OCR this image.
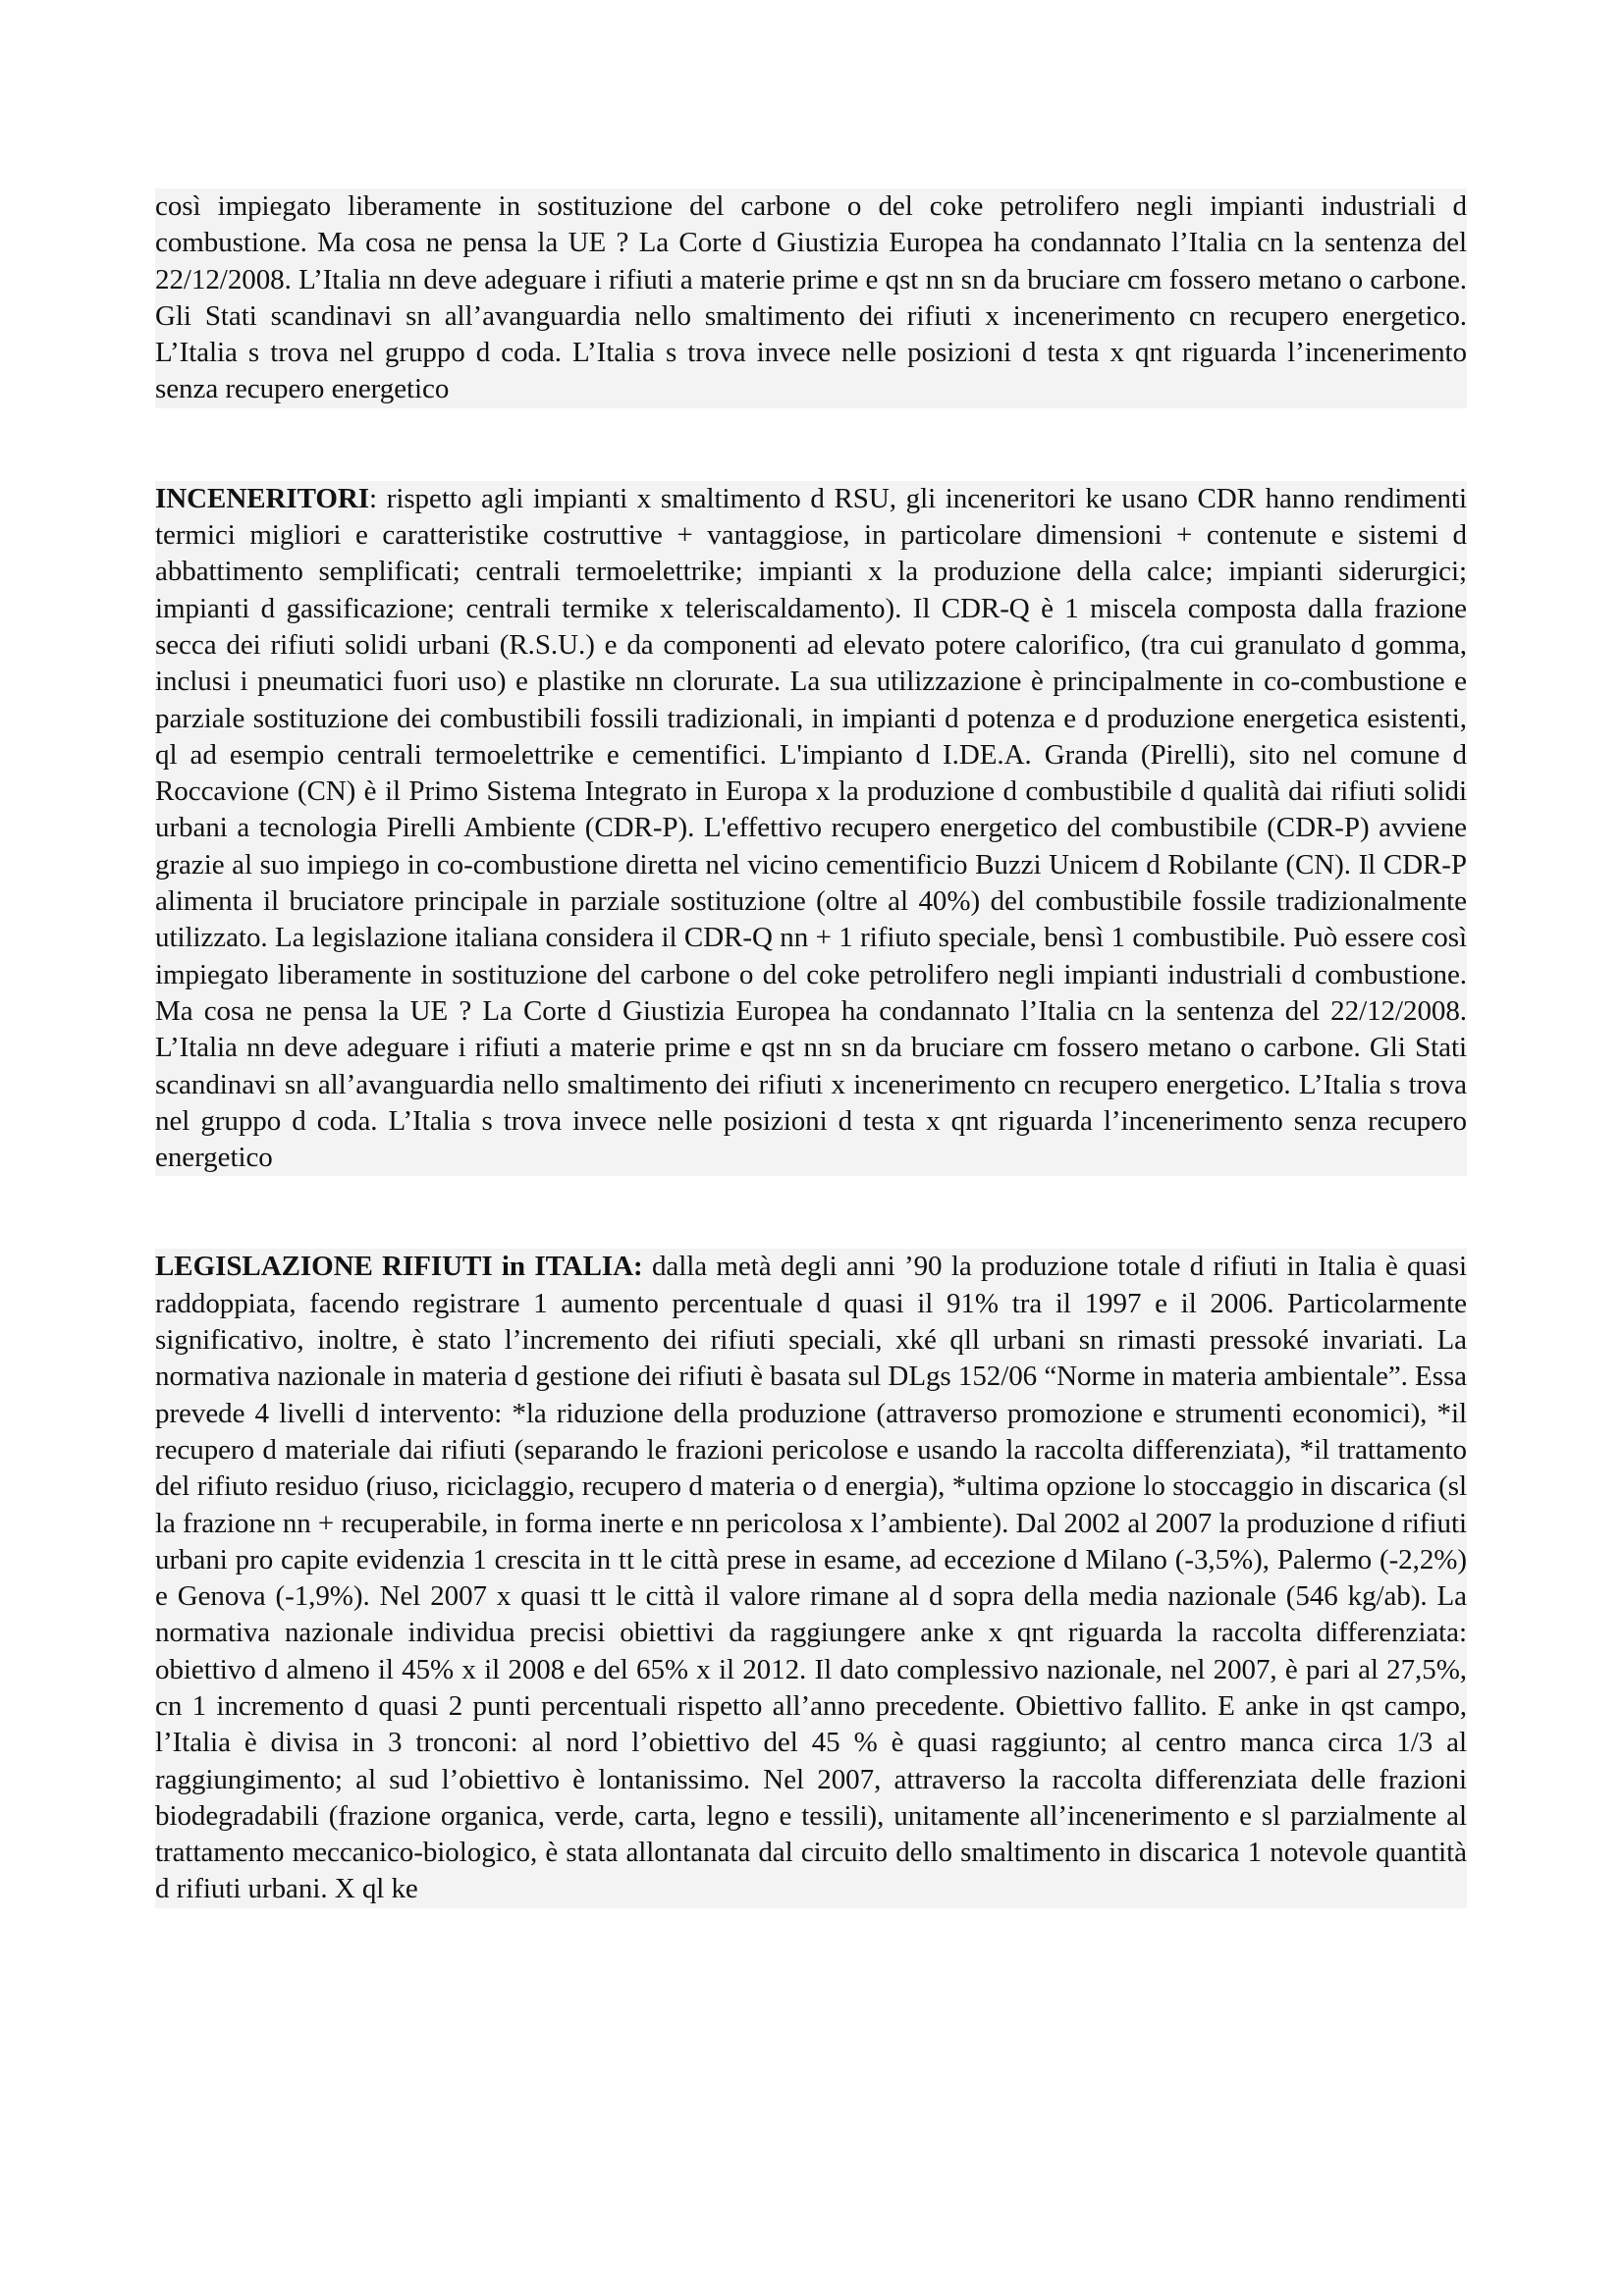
così impiegato liberamente in sostituzione del carbone o del coke petrolifero negli impianti industriali d combustione. Ma cosa ne pensa la UE ? La Corte d Giustizia Europea ha condannato l’Italia cn la sentenza del 22/12/2008. L’Italia nn deve adeguare i rifiuti a materie prime e qst nn sn da bruciare cm fossero metano o carbone. Gli Stati scandinavi sn all’avanguardia nello smaltimento dei rifiuti x incenerimento cn recupero energetico. L’Italia s trova nel gruppo d coda. L’Italia s trova invece nelle posizioni d testa x qnt riguarda l’incenerimento senza recupero energetico

INCENERITORI: rispetto agli impianti x smaltimento d RSU, gli inceneritori ke usano CDR hanno rendimenti termici migliori e caratteristike costruttive + vantaggiose, in particolare dimensioni + contenute e sistemi d abbattimento semplificati; centrali termoelettrike; impianti x la produzione della calce; impianti siderurgici; impianti d gassificazione; centrali termike x teleriscaldamento). Il CDR-Q è 1 miscela composta dalla frazione secca dei rifiuti solidi urbani (R.S.U.) e da componenti ad elevato potere calorifico, (tra cui granulato d gomma, inclusi i pneumatici fuori uso) e plastike nn clorurate. La sua utilizzazione è principalmente in co-combustione e parziale sostituzione dei combustibili fossili tradizionali, in impianti d potenza e d produzione energetica esistenti, ql ad esempio centrali termoelettrike e cementifici. L'impianto d I.DE.A. Granda (Pirelli), sito nel comune d Roccavione (CN) è il Primo Sistema Integrato in Europa x la produzione d combustibile d qualità dai rifiuti solidi urbani a tecnologia Pirelli Ambiente (CDR-P). L'effettivo recupero energetico del combustibile (CDR-P) avviene grazie al suo impiego in co-combustione diretta nel vicino cementificio Buzzi Unicem d Robilante (CN). Il CDR-P alimenta il bruciatore principale in parziale sostituzione (oltre al 40%) del combustibile fossile tradizionalmente utilizzato. La legislazione italiana considera il CDR-Q nn + 1 rifiuto speciale, bensì 1 combustibile. Può essere così impiegato liberamente in sostituzione del carbone o del coke petrolifero negli impianti industriali d combustione. Ma cosa ne pensa la UE ? La Corte d Giustizia Europea ha condannato l’Italia cn la sentenza del 22/12/2008. L’Italia nn deve adeguare i rifiuti a materie prime e qst nn sn da bruciare cm fossero metano o carbone. Gli Stati scandinavi sn all’avanguardia nello smaltimento dei rifiuti x incenerimento cn recupero energetico. L’Italia s trova nel gruppo d coda. L’Italia s trova invece nelle posizioni d testa x qnt riguarda l’incenerimento senza recupero energetico

LEGISLAZIONE RIFIUTI in ITALIA: dalla metà degli anni ’90 la produzione totale d rifiuti in Italia è quasi raddoppiata, facendo registrare 1 aumento percentuale d quasi il 91% tra il 1997 e il 2006. Particolarmente significativo, inoltre, è stato l’incremento dei rifiuti speciali, xké qll urbani sn rimasti pressoké invariati. La normativa nazionale in materia d gestione dei rifiuti è basata sul DLgs 152/06 “Norme in materia ambientale”. Essa prevede 4 livelli d intervento: *la riduzione della produzione (attraverso promozione e strumenti economici), *il recupero d materiale dai rifiuti (separando le frazioni pericolose e usando la raccolta differenziata), *il trattamento del rifiuto residuo (riuso, riciclaggio, recupero d materia o d energia), *ultima opzione lo stoccaggio in discarica (sl la frazione nn + recuperabile, in forma inerte e nn pericolosa x l’ambiente). Dal 2002 al 2007 la produzione d rifiuti urbani pro capite evidenzia 1 crescita in tt le città prese in esame, ad eccezione d Milano (-3,5%), Palermo (-2,2%) e Genova (-1,9%). Nel 2007 x quasi tt le città il valore rimane al d sopra della media nazionale (546 kg/ab). La normativa nazionale individua precisi obiettivi da raggiungere anke x qnt riguarda la raccolta differenziata: obiettivo d almeno il 45% x il 2008 e del 65% x il 2012. Il dato complessivo nazionale, nel 2007, è pari al 27,5%, cn 1 incremento d quasi 2 punti percentuali rispetto all’anno precedente. Obiettivo fallito. E anke in qst campo, l’Italia è divisa in 3 tronconi: al nord l’obiettivo del 45 % è quasi raggiunto; al centro manca circa 1/3 al raggiungimento; al sud l’obiettivo è lontanissimo. Nel 2007, attraverso la raccolta differenziata delle frazioni biodegradabili (frazione organica, verde, carta, legno e tessili), unitamente all’incenerimento e sl parzialmente al trattamento meccanico-biologico, è stata allontanata dal circuito dello smaltimento in discarica 1 notevole quantità d rifiuti urbani. X ql ke
